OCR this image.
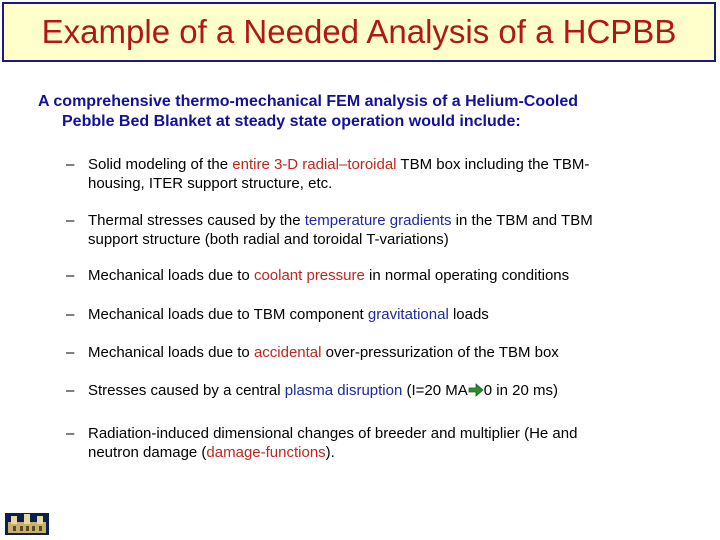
Example of a Needed Analysis of a HCPBB
A comprehensive thermo-mechanical FEM analysis of a Helium-Cooled
Pebble Bed Blanket at steady state operation would include:
– Solid modeling of the entire 3-D radial–toroidal TBM box including the TBM-
housing, ITER support structure, etc.
– Thermal stresses caused by the temperature gradients in the TBM and TBM
support structure (both radial and toroidal T-variations)
– Mechanical loads due to coolant pressure in normal operating conditions
– Mechanical loads due to TBM component gravitational loads
– Mechanical loads due to accidental over-pressurization of the TBM box
– Stresses caused by a central plasma disruption (I=20 MA 0 in 20 ms)
– Radiation-induced dimensional changes of breeder and multiplier (He and
neutron damage (damage-functions).
